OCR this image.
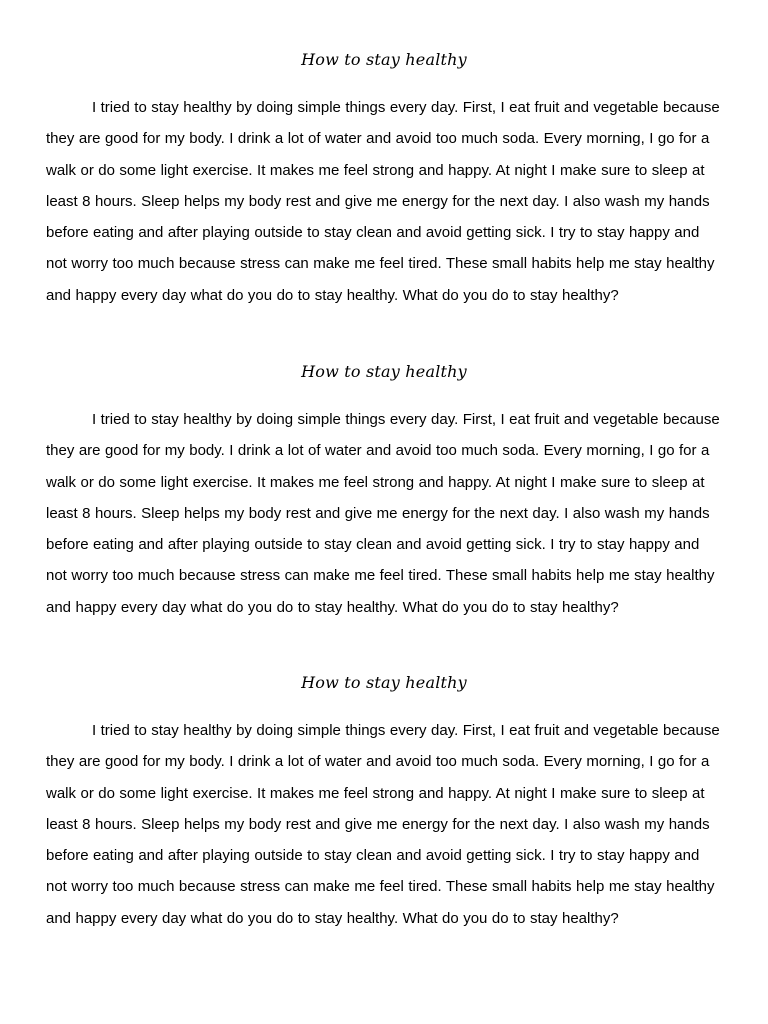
How to stay healthy

I tried to stay healthy by doing simple things every day. First, I eat fruit and vegetable because they are good for my body. I drink a lot of water and avoid too much soda. Every morning, I go for a walk or do some light exercise. It makes me feel strong and happy. At night I make sure to sleep at least 8 hours. Sleep helps my body rest and give me energy for the next day. I also wash my hands before eating and after playing outside to stay clean and avoid getting sick. I try to stay happy and not worry too much because stress can make me feel tired. These small habits help me stay healthy and happy every day what do you do to stay healthy. What do you do to stay healthy?

How to stay healthy

I tried to stay healthy by doing simple things every day. First, I eat fruit and vegetable because they are good for my body. I drink a lot of water and avoid too much soda. Every morning, I go for a walk or do some light exercise. It makes me feel strong and happy. At night I make sure to sleep at least 8 hours. Sleep helps my body rest and give me energy for the next day. I also wash my hands before eating and after playing outside to stay clean and avoid getting sick. I try to stay happy and not worry too much because stress can make me feel tired. These small habits help me stay healthy and happy every day what do you do to stay healthy. What do you do to stay healthy?

How to stay healthy

I tried to stay healthy by doing simple things every day. First, I eat fruit and vegetable because they are good for my body. I drink a lot of water and avoid too much soda. Every morning, I go for a walk or do some light exercise. It makes me feel strong and happy. At night I make sure to sleep at least 8 hours. Sleep helps my body rest and give me energy for the next day. I also wash my hands before eating and after playing outside to stay clean and avoid getting sick. I try to stay happy and not worry too much because stress can make me feel tired. These small habits help me stay healthy and happy every day what do you do to stay healthy. What do you do to stay healthy?
